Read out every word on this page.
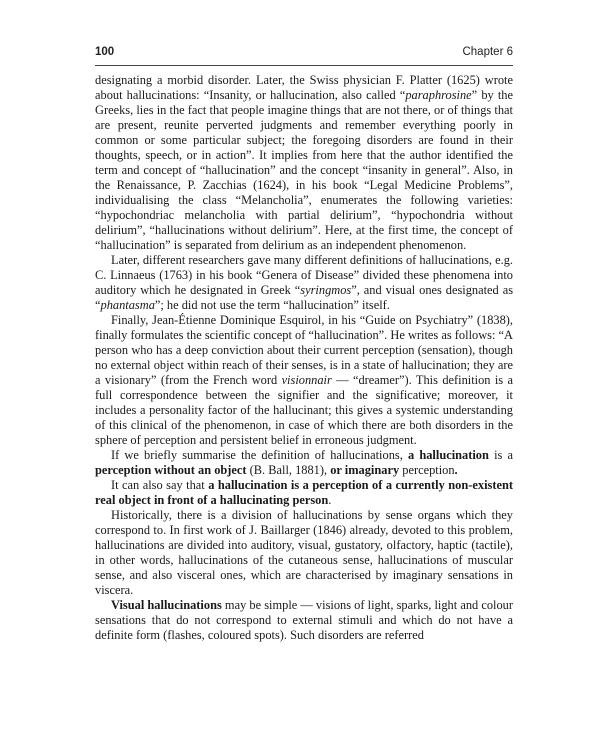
100	Chapter 6

designating a morbid disorder. Later, the Swiss physician F. Platter (1625) wrote about hallucinations: “Insanity, or hallucination, also called “paraphrosine” by the Greeks, lies in the fact that people imagine things that are not there, or of things that are present, reunite perverted judgments and remember everything poorly in common or some particular subject; the foregoing disorders are found in their thoughts, speech, or in action”. It implies from here that the author identified the term and concept of “hallucination” and the concept “insanity in general”. Also, in the Renaissance, P. Zacchias (1624), in his book “Legal Medicine Problems”, individualising the class “Melancholia”, enumerates the following varieties: “hypochondriac melancholia with partial delirium”, “hypochondria without delirium”, “hallucinations without delirium”. Here, at the first time, the concept of “hallucination” is separated from delirium as an independent phenomenon.

Later, different researchers gave many different definitions of hallucinations, e.g. C. Linnaeus (1763) in his book “Genera of Disease” divided these phenomena into auditory which he designated in Greek “syringmos”, and visual ones designated as “phantasma”; he did not use the term “hallucination” itself.

Finally, Jean-Étienne Dominique Esquirol, in his “Guide on Psychiatry” (1838), finally formulates the scientific concept of “hallucination”. He writes as follows: “A person who has a deep conviction about their current perception (sensation), though no external object within reach of their senses, is in a state of hallucination; they are a visionary” (from the French word visionnair — “dreamer”). This definition is a full correspondence between the signifier and the significative; moreover, it includes a personality factor of the hallucinant; this gives a systemic understanding of this clinical of the phenomenon, in case of which there are both disorders in the sphere of perception and persistent belief in erroneous judgment.

If we briefly summarise the definition of hallucinations, a hallucination is a perception without an object (B. Ball, 1881), or imaginary perception.

It can also say that a hallucination is a perception of a currently non-existent real object in front of a hallucinating person.

Historically, there is a division of hallucinations by sense organs which they correspond to. In first work of J. Baillarger (1846) already, devoted to this problem, hallucinations are divided into auditory, visual, gustatory, olfactory, haptic (tactile), in other words, hallucinations of the cutaneous sense, hallucinations of muscular sense, and also visceral ones, which are characterised by imaginary sensations in viscera.

Visual hallucinations may be simple — visions of light, sparks, light and colour sensations that do not correspond to external stimuli and which do not have a definite form (flashes, coloured spots). Such disorders are referred
